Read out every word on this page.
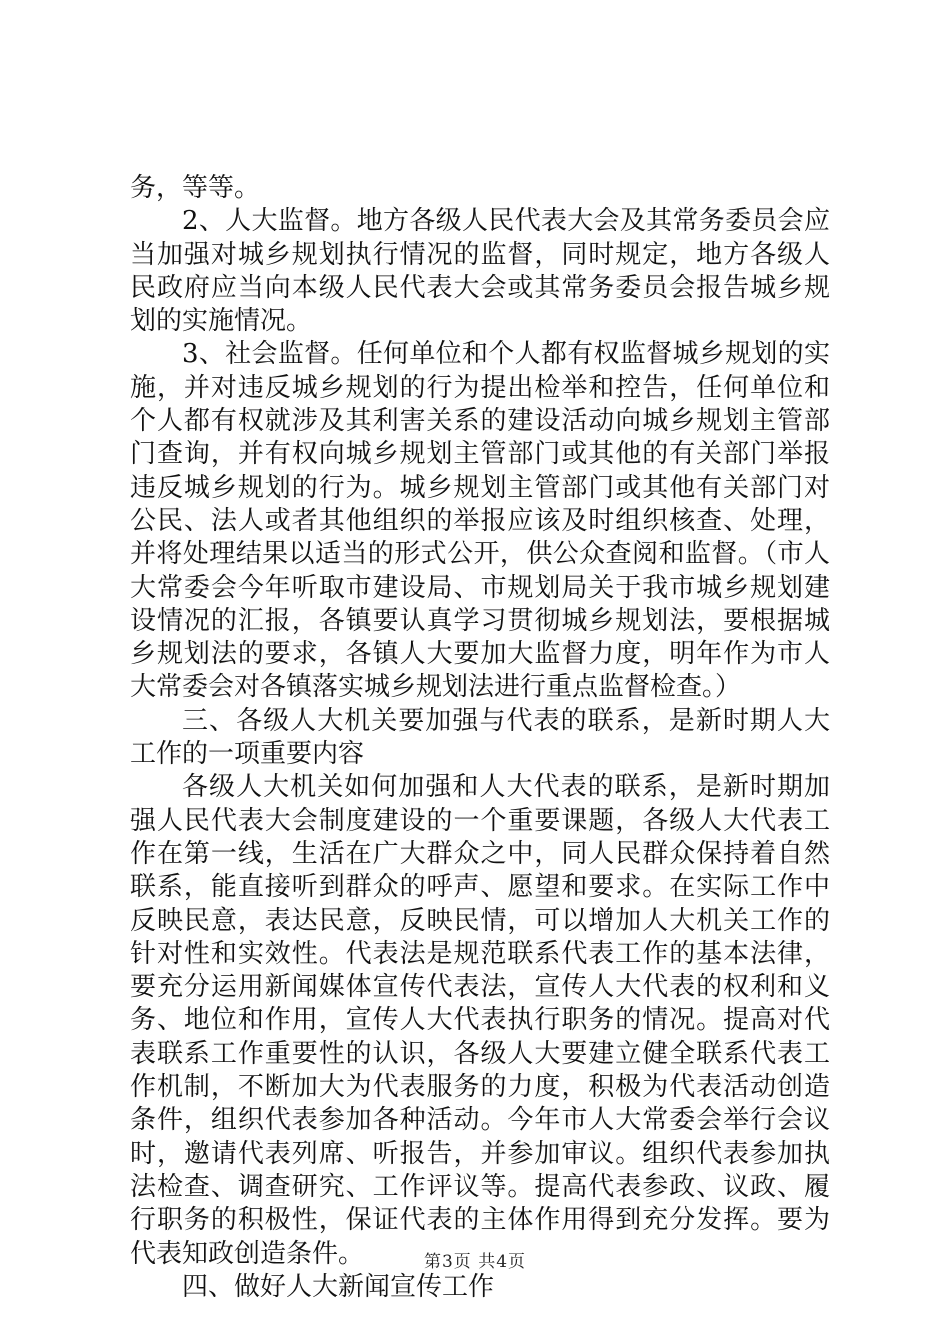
务，等等。

2、人大监督。地方各级人民代表大会及其常务委员会应当加强对城乡规划执行情况的监督，同时规定，地方各级人民政府应当向本级人民代表大会或其常务委员会报告城乡规划的实施情况。

3、社会监督。任何单位和个人都有权监督城乡规划的实施，并对违反城乡规划的行为提出检举和控告，任何单位和个人都有权就涉及其利害关系的建设活动向城乡规划主管部门查询，并有权向城乡规划主管部门或其他的有关部门举报违反城乡规划的行为。城乡规划主管部门或其他有关部门对公民、法人或者其他组织的举报应该及时组织核查、处理，并将处理结果以适当的形式公开，供公众查阅和监督。（市人大常委会今年听取市建设局、市规划局关于我市城乡规划建设情况的汇报，各镇要认真学习贯彻城乡规划法，要根据城乡规划法的要求，各镇人大要加大监督力度，明年作为市人大常委会对各镇落实城乡规划法进行重点监督检查。）

三、各级人大机关要加强与代表的联系，是新时期人大工作的一项重要内容

各级人大机关如何加强和人大代表的联系，是新时期加强人民代表大会制度建设的一个重要课题，各级人大代表工作在第一线，生活在广大群众之中，同人民群众保持着自然联系，能直接听到群众的呼声、愿望和要求。在实际工作中反映民意，表达民意，反映民情，可以增加人大机关工作的针对性和实效性。代表法是规范联系代表工作的基本法律，要充分运用新闻媒体宣传代表法，宣传人大代表的权利和义务、地位和作用，宣传人大代表执行职务的情况。提高对代表联系工作重要性的认识，各级人大要建立健全联系代表工作机制，不断加大为代表服务的力度，积极为代表活动创造条件，组织代表参加各种活动。今年市人大常委会举行会议时，邀请代表列席、听报告，并参加审议。组织代表参加执法检查、调查研究、工作评议等。提高代表参政、议政、履行职务的积极性，保证代表的主体作用得到充分发挥。要为代表知政创造条件。

四、做好人大新闻宣传工作

第3页 共4页
